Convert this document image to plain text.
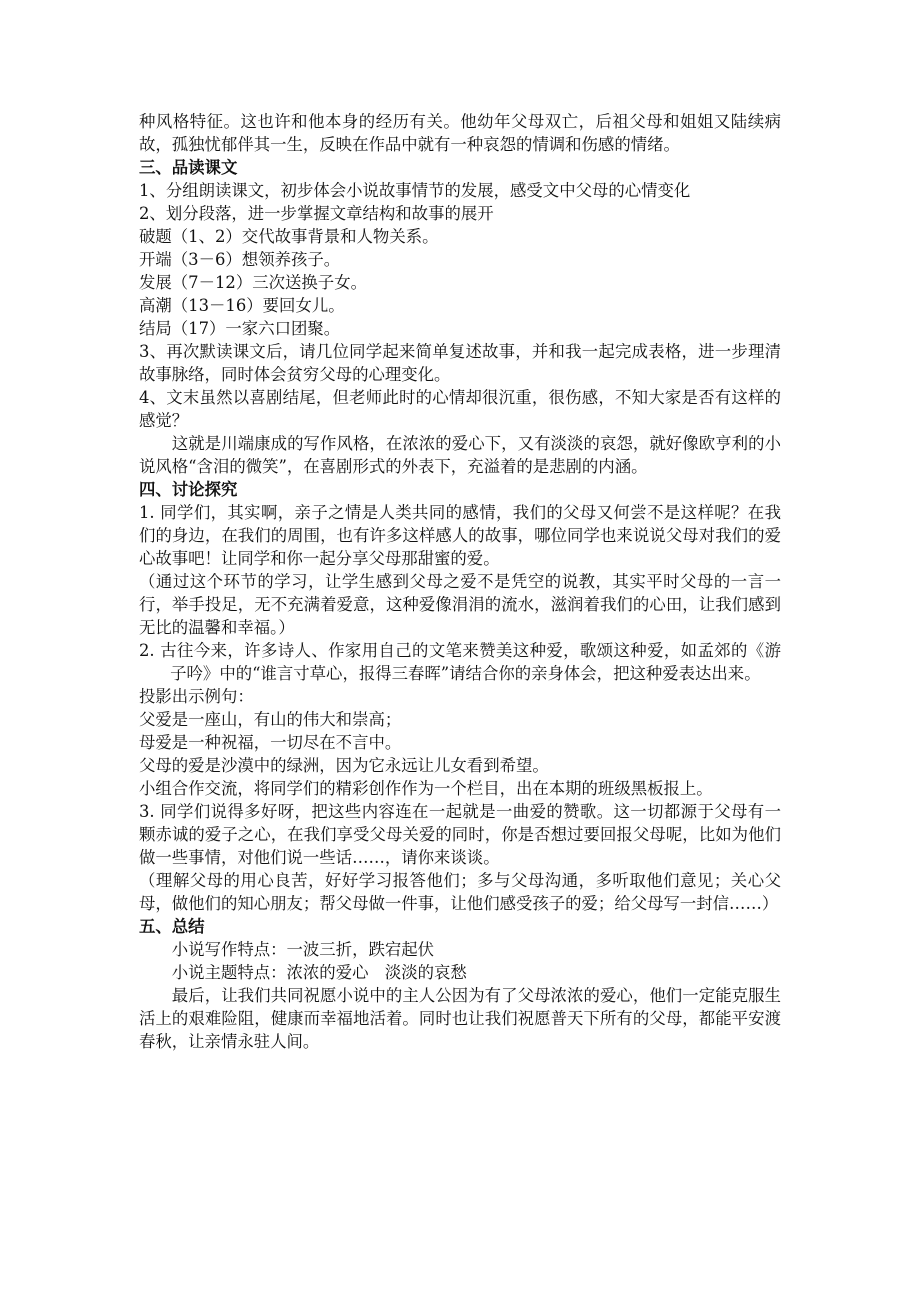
种风格特征。这也许和他本身的经历有关。他幼年父母双亡，后祖父母和姐姐又陆续病故，孤独忧郁伴其一生，反映在作品中就有一种哀怨的情调和伤感的情绪。

三、品读课文

1、分组朗读课文，初步体会小说故事情节的发展，感受文中父母的心情变化

2、划分段落，进一步掌握文章结构和故事的展开

破题（1、2）交代故事背景和人物关系。

开端（3－6）想领养孩子。

发展（7－12）三次送换子女。

高潮（13－16）要回女儿。

结局（17）一家六口团聚。

3、再次默读课文后，请几位同学起来简单复述故事，并和我一起完成表格，进一步理清故事脉络，同时体会贫穷父母的心理变化。

4、文末虽然以喜剧结尾，但老师此时的心情却很沉重，很伤感，不知大家是否有这样的感觉？

这就是川端康成的写作风格，在浓浓的爱心下，又有淡淡的哀怨，就好像欧亨利的小说风格“含泪的微笑”，在喜剧形式的外表下，充溢着的是悲剧的内涵。

四、讨论探究

1. 同学们，其实啊，亲子之情是人类共同的感情，我们的父母又何尝不是这样呢？在我们的身边，在我们的周围，也有许多这样感人的故事，哪位同学也来说说父母对我们的爱心故事吧！让同学和你一起分享父母那甜蜜的爱。

（通过这个环节的学习，让学生感到父母之爱不是凭空的说教，其实平时父母的一言一行，举手投足，无不充满着爱意，这种爱像涓涓的流水，滋润着我们的心田，让我们感到无比的温馨和幸福。）

2. 古往今来，许多诗人、作家用自己的文笔来赞美这种爱，歌颂这种爱，如孟郊的《游子吟》中的“谁言寸草心，报得三春晖”请结合你的亲身体会，把这种爱表达出来。

投影出示例句：

父爱是一座山，有山的伟大和崇高；

母爱是一种祝福，一切尽在不言中。

父母的爱是沙漠中的绿洲，因为它永远让儿女看到希望。

小组合作交流，将同学们的精彩创作作为一个栏目，出在本期的班级黑板报上。

3. 同学们说得多好呀，把这些内容连在一起就是一曲爱的赞歌。这一切都源于父母有一颗赤诚的爱子之心，在我们享受父母关爱的同时，你是否想过要回报父母呢，比如为他们做一些事情，对他们说一些话……，请你来谈谈。

（理解父母的用心良苦，好好学习报答他们；多与父母沟通，多听取他们意见；关心父母，做他们的知心朋友；帮父母做一件事，让他们感受孩子的爱；给父母写一封信……）

五、总结

小说写作特点：一波三折，跌宕起伏

小说主题特点：浓浓的爱心　淡淡的哀愁

最后，让我们共同祝愿小说中的主人公因为有了父母浓浓的爱心，他们一定能克服生活上的艰难险阻，健康而幸福地活着。同时也让我们祝愿普天下所有的父母，都能平安渡春秋，让亲情永驻人间。
